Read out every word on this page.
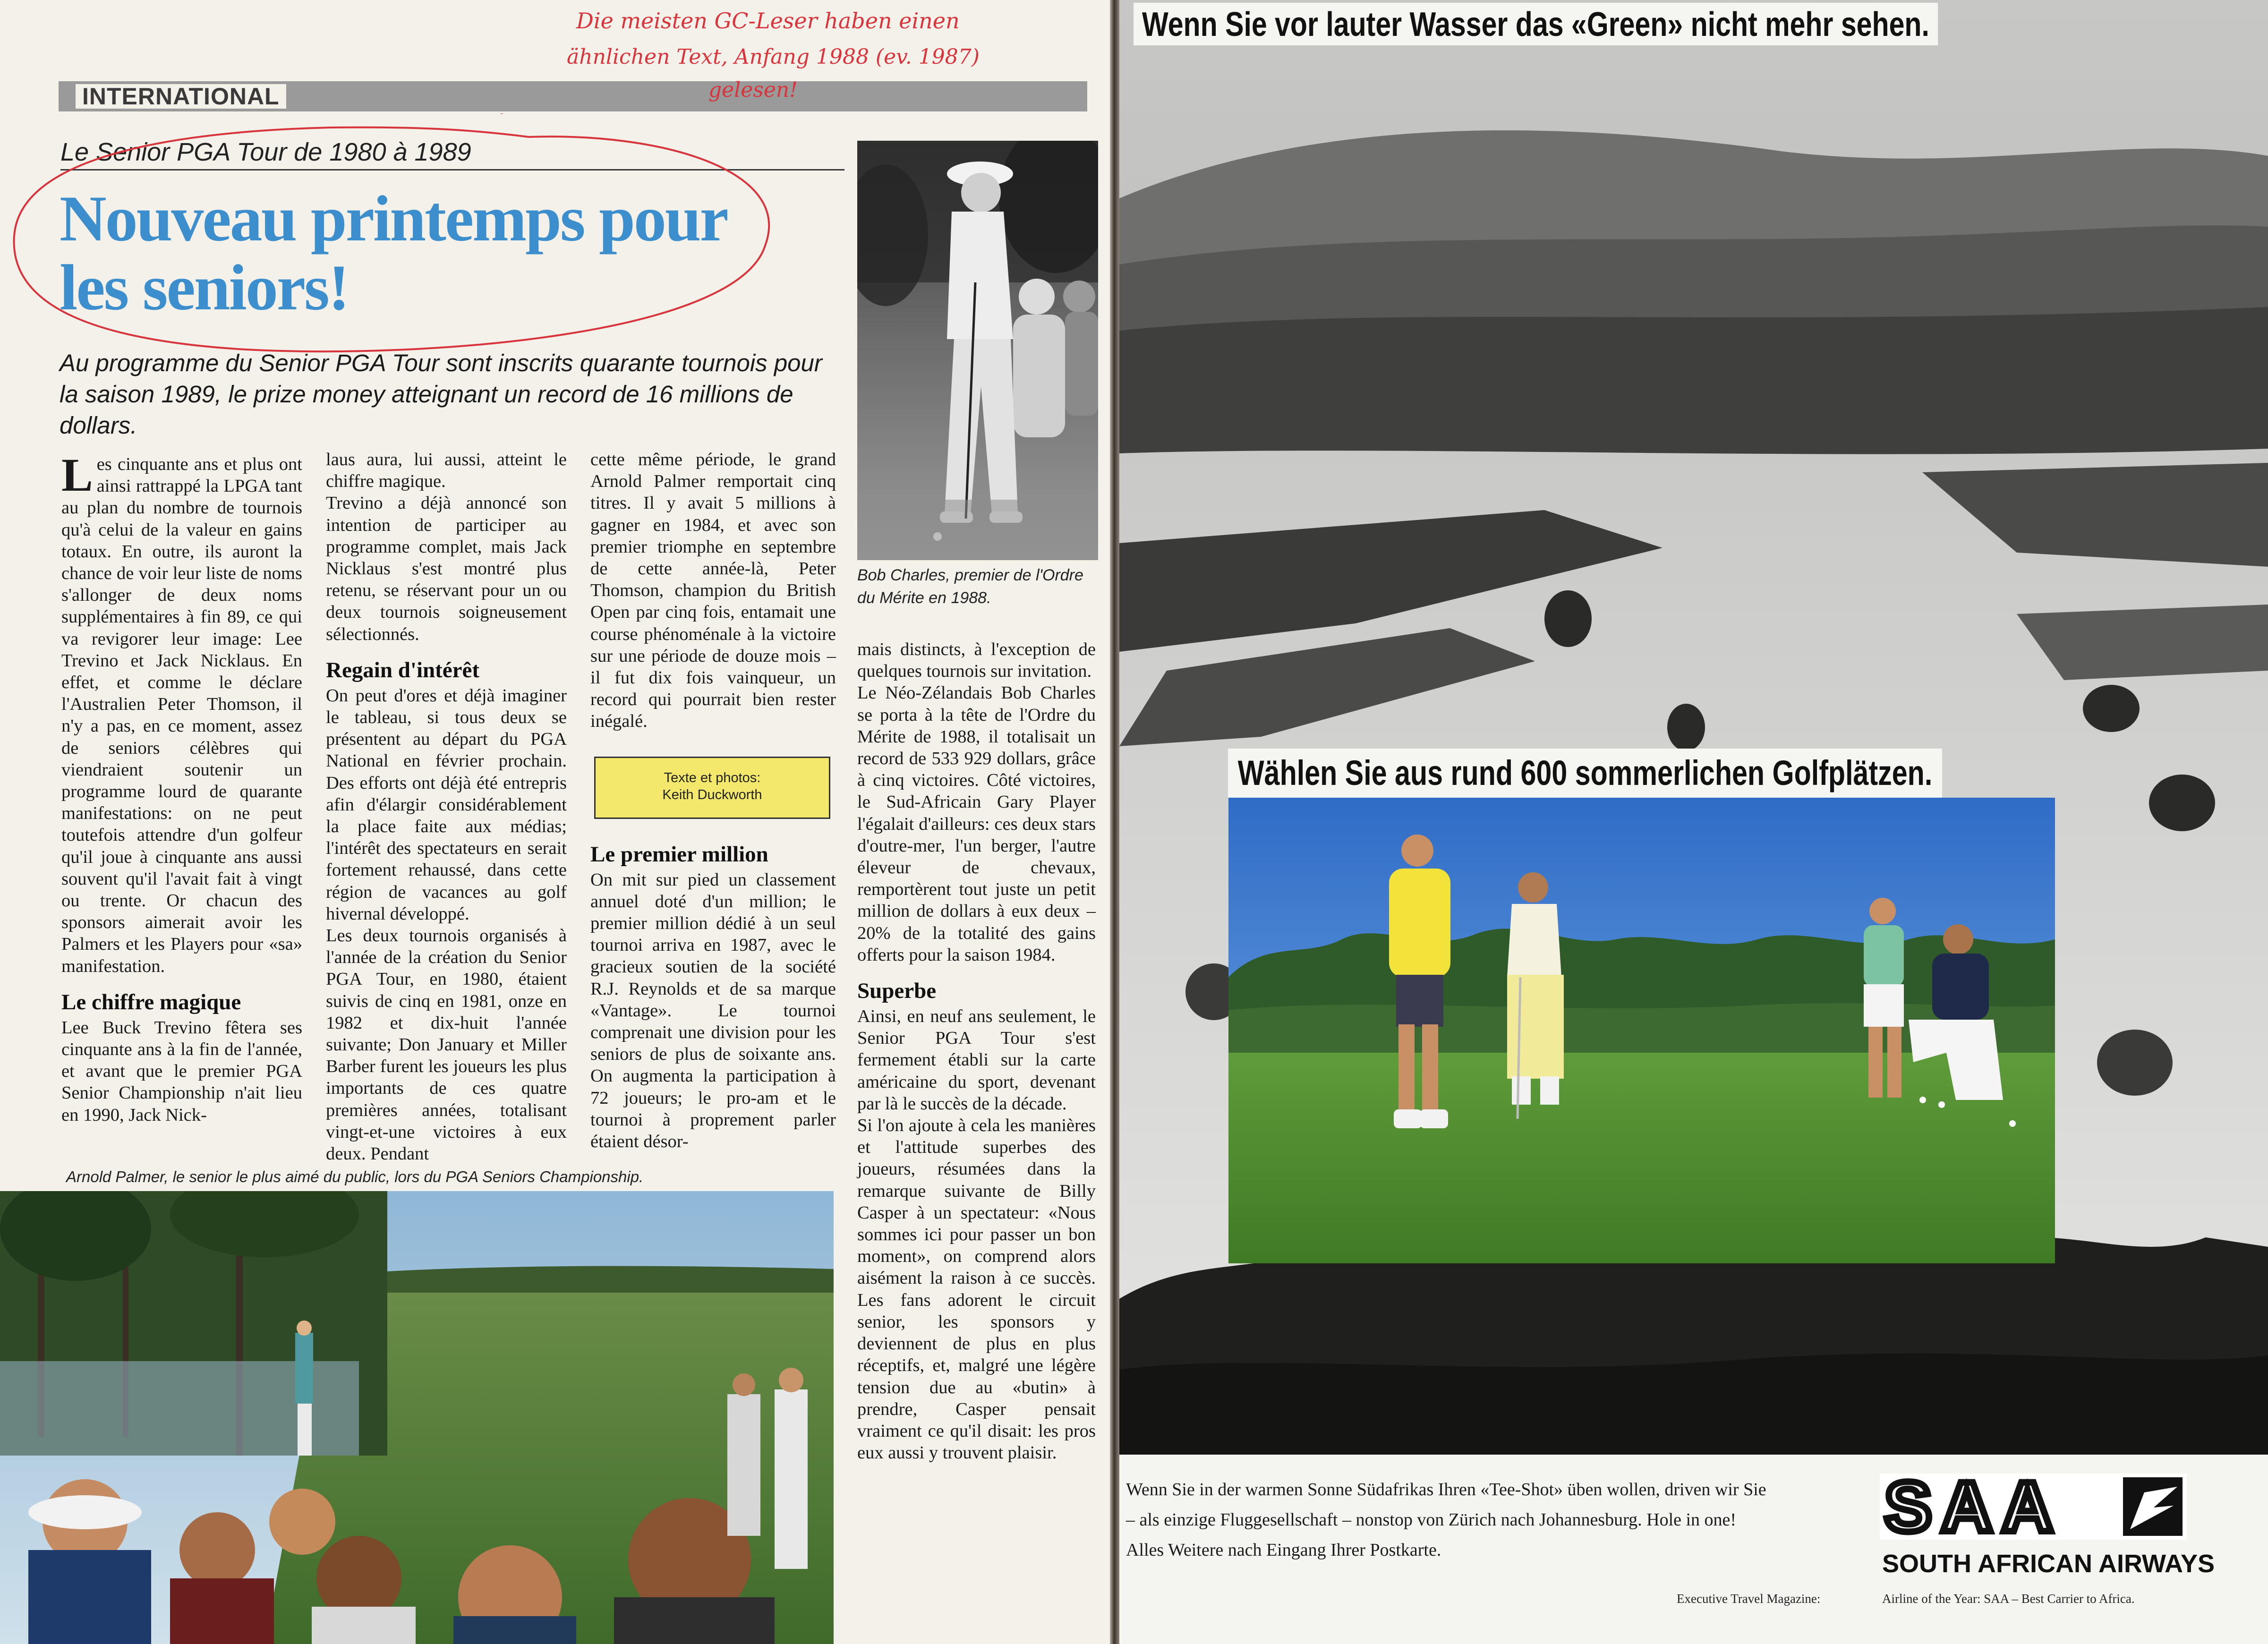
INTERNATIONAL
Le Senior PGA Tour de 1980 à 1989
Nouveau printemps pour
les seniors!

Au programme du Senior PGA Tour sont inscrits quarante tournois pour la saison 1989, le prize money atteignant un record de 16 millions de dollars.

Les cinquante ans et plus ont ainsi rattrappé la LPGA tant au plan du nombre de tournois qu'à celui de la valeur en gains totaux. En outre, ils auront la chance de voir leur liste de noms s'allonger de deux noms supplémentaires à fin 89, ce qui va revigorer leur image: Lee Trevino et Jack Nicklaus. En effet, et comme le déclare l'Australien Peter Thomson, il n'y a pas, en ce moment, assez de seniors célèbres qui viendraient soutenir un programme lourd de quarante manifestations: on ne peut toutefois attendre d'un golfeur qu'il joue à cinquante ans aussi souvent qu'il l'avait fait à vingt ou trente. Or chacun des sponsors aimerait avoir les Palmers et les Players pour «sa» manifestation.

Le chiffre magique

Lee Buck Trevino fêtera ses cinquante ans à la fin de l'année, et avant que le premier PGA Senior Championship n'ait lieu en 1990, Jack Nick-

laus aura, lui aussi, atteint le chiffre magique.

Trevino a déjà annoncé son intention de participer au programme complet, mais Jack Nicklaus s'est montré plus retenu, se réservant pour un ou deux tournois soigneusement sélectionnés.

Regain d'intérêt

On peut d'ores et déjà imaginer le tableau, si tous deux se présentent au départ du PGA National en février prochain. Des efforts ont déjà été entrepris afin d'élargir considérablement la place faite aux médias; l'intérêt des spectateurs en serait fortement rehaussé, dans cette région de vacances au golf hivernal développé.

Les deux tournois organisés à l'année de la création du Senior PGA Tour, en 1980, étaient suivis de cinq en 1981, onze en 1982 et dix-huit l'année suivante; Don January et Miller Barber furent les joueurs les plus importants de ces quatre premières années, totalisant vingt-et-une victoires à eux deux. Pendant

cette même période, le grand Arnold Palmer remportait cinq titres. Il y avait 5 millions à gagner en 1984, et avec son premier triomphe en septembre de cette année-là, Peter Thomson, champion du British Open par cinq fois, entamait une course phénoménale à la victoire sur une période de douze mois – il fut dix fois vainqueur, un record qui pourrait bien rester inégalé.

Le premier million

On mit sur pied un classement annuel doté d'un million; le premier million dédié à un seul tournoi arriva en 1987, avec le gracieux soutien de la société R.J. Reynolds et de sa marque «Vantage». Le tournoi comprenait une division pour les seniors de plus de soixante ans. On augmenta la participation à 72 joueurs; le pro-am et le tournoi à proprement parler étaient désor-

Texte et photos:
Keith Duckworth

mais distincts, à l'exception de quelques tournois sur invitation.

Le Néo-Zélandais Bob Charles se porta à la tête de l'Ordre du Mérite de 1988, il totalisait un record de 533 929 dollars, grâce à cinq victoires. Côté victoires, le Sud-Africain Gary Player l'égalait d'ailleurs: ces deux stars d'outre-mer, l'un berger, l'autre éleveur de chevaux, remportèrent tout juste un petit million de dollars à eux deux – 20% de la totalité des gains offerts pour la saison 1984.

Superbe

Ainsi, en neuf ans seulement, le Senior PGA Tour s'est fermement établi sur la carte américaine du sport, devenant par là le succès de la décade.

Si l'on ajoute à cela les manières et l'attitude superbes des joueurs, résumées dans la remarque suivante de Billy Casper à un spectateur: «Nous sommes ici pour passer un bon moment», on comprend alors aisément la raison à ce succès. Les fans adorent le circuit senior, les sponsors y deviennent de plus en plus réceptifs, et, malgré une légère tension due au «butin» à prendre, Casper pensait vraiment ce qu'il disait: les pros eux aussi y trouvent plaisir.

Bob Charles, premier de l'Ordre du Mérite en 1988.
Arnold Palmer, le senior le plus aimé du public, lors du PGA Seniors Championship.
Die meisten GC-Leser haben einen
ähnlichen Text, Anfang 1988 (ev. 1987)
gelesen!
Wenn Sie vor lauter Wasser das «Green» nicht mehr sehen.
Wählen Sie aus rund 600 sommerlichen Golfplätzen.

Wenn Sie in der warmen Sonne Südafrikas Ihren «Tee-Shot» üben wollen, driven wir Sie
– als einzige Fluggesellschaft – nonstop von Zürich nach Johannesburg. Hole in one!
Alles Weitere nach Eingang Ihrer Postkarte.

SAA
SOUTH AFRICAN AIRWAYS
Executive Travel Magazine:	Airline of the Year: SAA – Best Carrier to Africa.
